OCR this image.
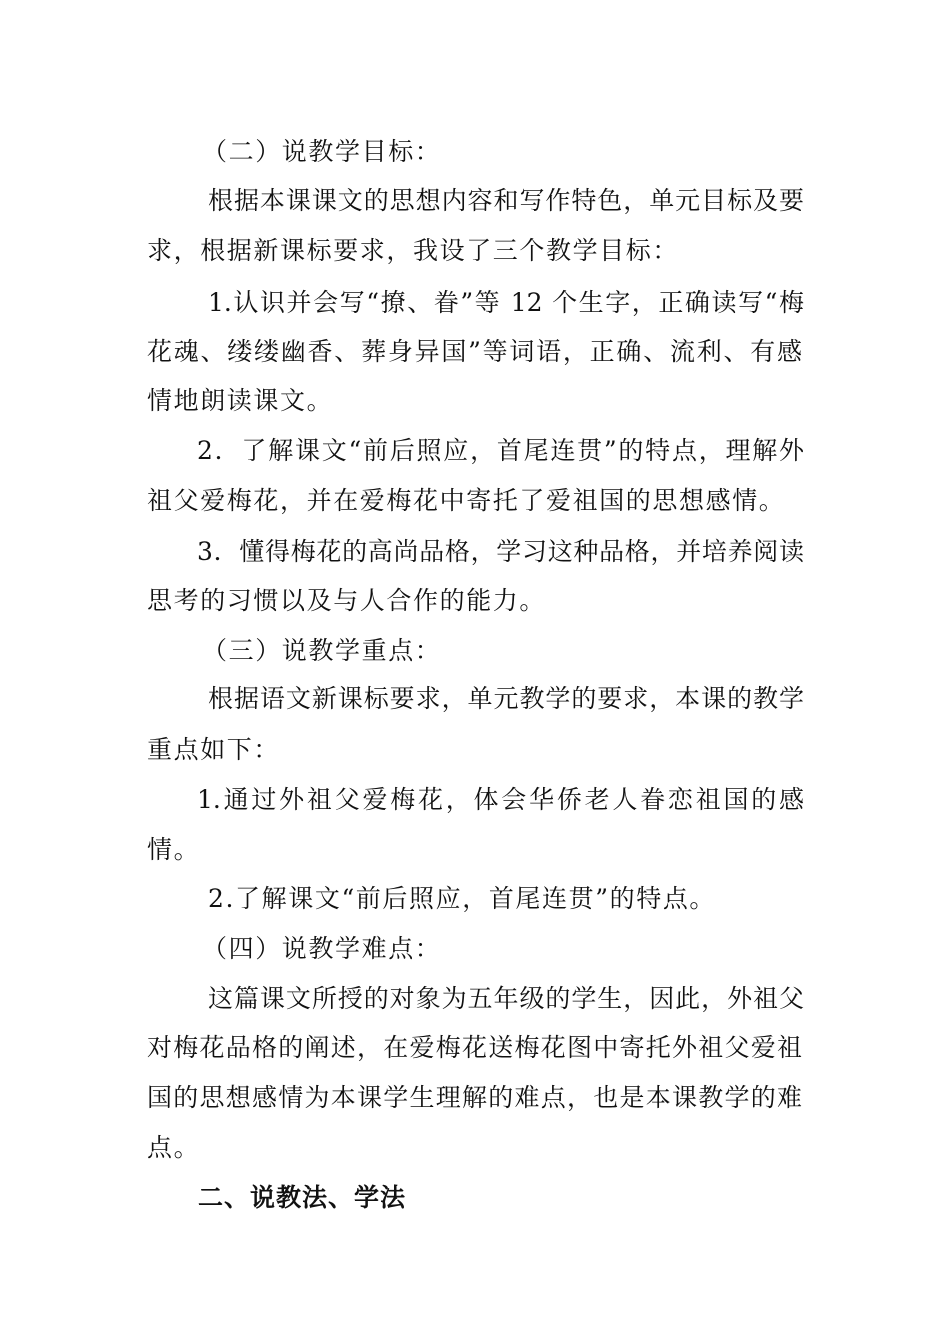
（二）说教学目标：
根据本课课文的思想内容和写作特色，单元目标及要
求，根据新课标要求，我设了三个教学目标：
1.认识并会写“撩、眷”等 12 个生字，正确读写“梅
花魂、缕缕幽香、葬身异国”等词语，正确、流利、有感
情地朗读课文。
2．了解课文“前后照应，首尾连贯”的特点，理解外
祖父爱梅花，并在爱梅花中寄托了爱祖国的思想感情。
3．懂得梅花的高尚品格，学习这种品格，并培养阅读
思考的习惯以及与人合作的能力。
（三）说教学重点：
根据语文新课标要求，单元教学的要求，本课的教学
重点如下：
1.通过外祖父爱梅花，体会华侨老人眷恋祖国的感
情。
2.了解课文“前后照应，首尾连贯”的特点。
（四）说教学难点：
这篇课文所授的对象为五年级的学生，因此，外祖父
对梅花品格的阐述，在爱梅花送梅花图中寄托外祖父爱祖
国的思想感情为本课学生理解的难点，也是本课教学的难
点。
二、说教法、学法
